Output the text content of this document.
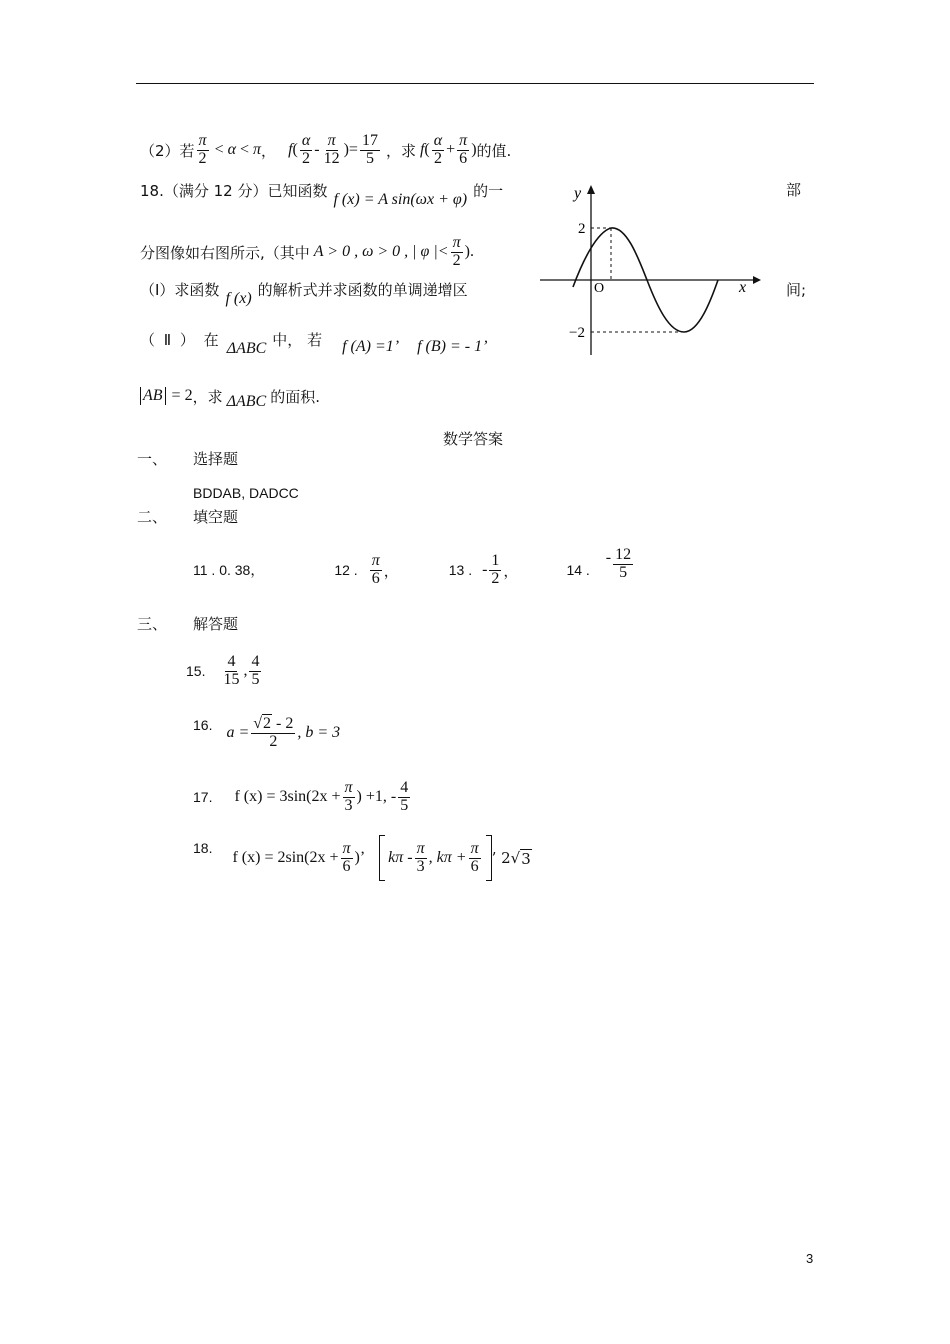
（2）若 $\frac{\pi}{2} < \alpha < \pi$ ， f ( $\frac{\alpha}{2} - \frac{\pi}{12}$ ) = $\frac{17}{5}$ ，求 f ( $\frac{\alpha}{2} + \frac{\pi}{6}$ ) 的值.
18.（满分 12 分）已知函数 f (x) = A sin(ωx + φ) 的一	部
分图像如右图所示,（其中 A > 0 , ω > 0 , | φ |< $\frac{\pi}{2}$ ).
（Ⅰ）求函数 f (x) 的解析式并求函数的单调递增区	间;
（ Ⅱ ） 在 ΔABC 中， 若 f (A) =1’ f (B) = - 1’
AB = 2 ，求 ΔABC 的面积.
y
x
O
2
−2
数学答案
一、 选择题
BDDAB, DADCC
二、 填空题
11 . 0. 38，	12 . $\frac{\pi}{6}$ ，	13 . - $\frac{1}{2}$ ，	14 .
- $\frac{12}{5}$
三、 解答题
15. $\frac{4}{15}$ , $\frac{4}{5}$
16. $a = \frac{√2 - 2}{2}$ , b = 3
17. f $(x) = 3\sin(2x + \frac{\pi}{3}$ ) +1, - $\frac{4}{5}$
18.
f $(x) = 2\sin(2x + \frac{\pi}{6}$ )’ kπ - $\frac{\pi}{3}$ , $k\pi + \frac{\pi}{6}$ ’ 2 √ 3
3
